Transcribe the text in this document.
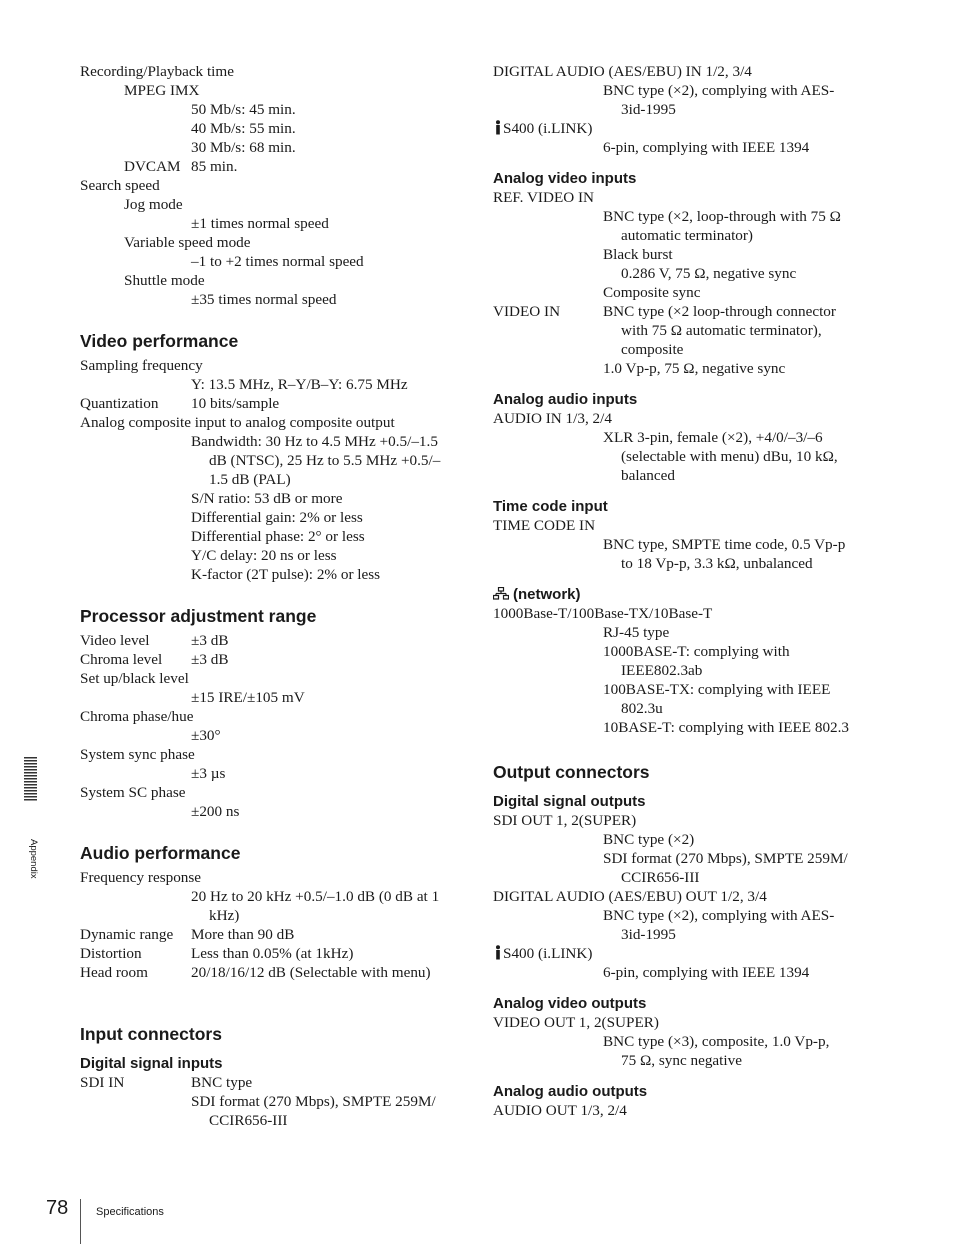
Recording/Playback time
MPEG IMX
50 Mb/s: 45 min.
40 Mb/s: 55 min.
30 Mb/s: 68 min.
DVCAM 85 min.
Search speed
Jog mode
±1 times normal speed
Variable speed mode
–1 to +2 times normal speed
Shuttle mode
±35 times normal speed
Video performance
Sampling frequency
Y: 13.5 MHz, R–Y/B–Y: 6.75 MHz
Quantization 10 bits/sample
Analog composite input to analog composite output
Bandwidth: 30 Hz to 4.5 MHz +0.5/–1.5
dB (NTSC), 25 Hz to 5.5 MHz +0.5/–
1.5 dB (PAL)
S/N ratio: 53 dB or more
Differential gain: 2% or less
Differential phase: 2° or less
Y/C delay: 20 ns or less
K-factor (2T pulse): 2% or less
Processor adjustment range
Video level	±3 dB
Chroma level ±3 dB
Set up/black level
±15 IRE/±105 mV
Chroma phase/hue
±30°
System sync phase
±3 µs
System SC phase
±200 ns
Audio performance
Frequency response
20 Hz to 20 kHz +0.5/–1.0 dB (0 dB at 1
kHz)
Dynamic range More than 90 dB
Distortion	Less than 0.05% (at 1kHz)
Head room	20/18/16/12 dB (Selectable with menu)
Input connectors
Digital signal inputs
SDI IN	BNC type
SDI format (270 Mbps), SMPTE 259M/
CCIR656-III
DIGITAL AUDIO (AES/EBU) IN 1/2, 3/4
BNC type (×2), complying with AES-
3id-1995
S400 (i.LINK)
6-pin, complying with IEEE 1394
Analog video inputs
REF. VIDEO IN
BNC type (×2, loop-through with 75 Ω
automatic terminator)
Black burst
0.286 V, 75 Ω, negative sync
Composite sync
VIDEO IN	BNC type (×2 loop-through connector
with 75 Ω automatic terminator),
composite
1.0 Vp-p, 75 Ω, negative sync
Analog audio inputs
AUDIO IN 1/3, 2/4
XLR 3-pin, female (×2), +4/0/–3/–6
(selectable with menu) dBu, 10 kΩ,
balanced
Time code input
TIME CODE IN
BNC type, SMPTE time code, 0.5 Vp-p
to 18 Vp-p, 3.3 kΩ, unbalanced
(network)
1000Base-T/100Base-TX/10Base-T
RJ-45 type
1000BASE-T: complying with
IEEE802.3ab
100BASE-TX: complying with IEEE
802.3u
10BASE-T: complying with IEEE 802.3
Output connectors
Digital signal outputs
SDI OUT 1, 2(SUPER)
BNC type (×2)
SDI format (270 Mbps), SMPTE 259M/
CCIR656-III
DIGITAL AUDIO (AES/EBU) OUT 1/2, 3/4
BNC type (×2), complying with AES-
3id-1995
S400 (i.LINK)
6-pin, complying with IEEE 1394
Analog video outputs
VIDEO OUT 1, 2(SUPER)
BNC type (×3), composite, 1.0 Vp-p,
75 Ω, sync negative
Analog audio outputs
AUDIO OUT 1/3, 2/4
Appendix
78	Specifications
